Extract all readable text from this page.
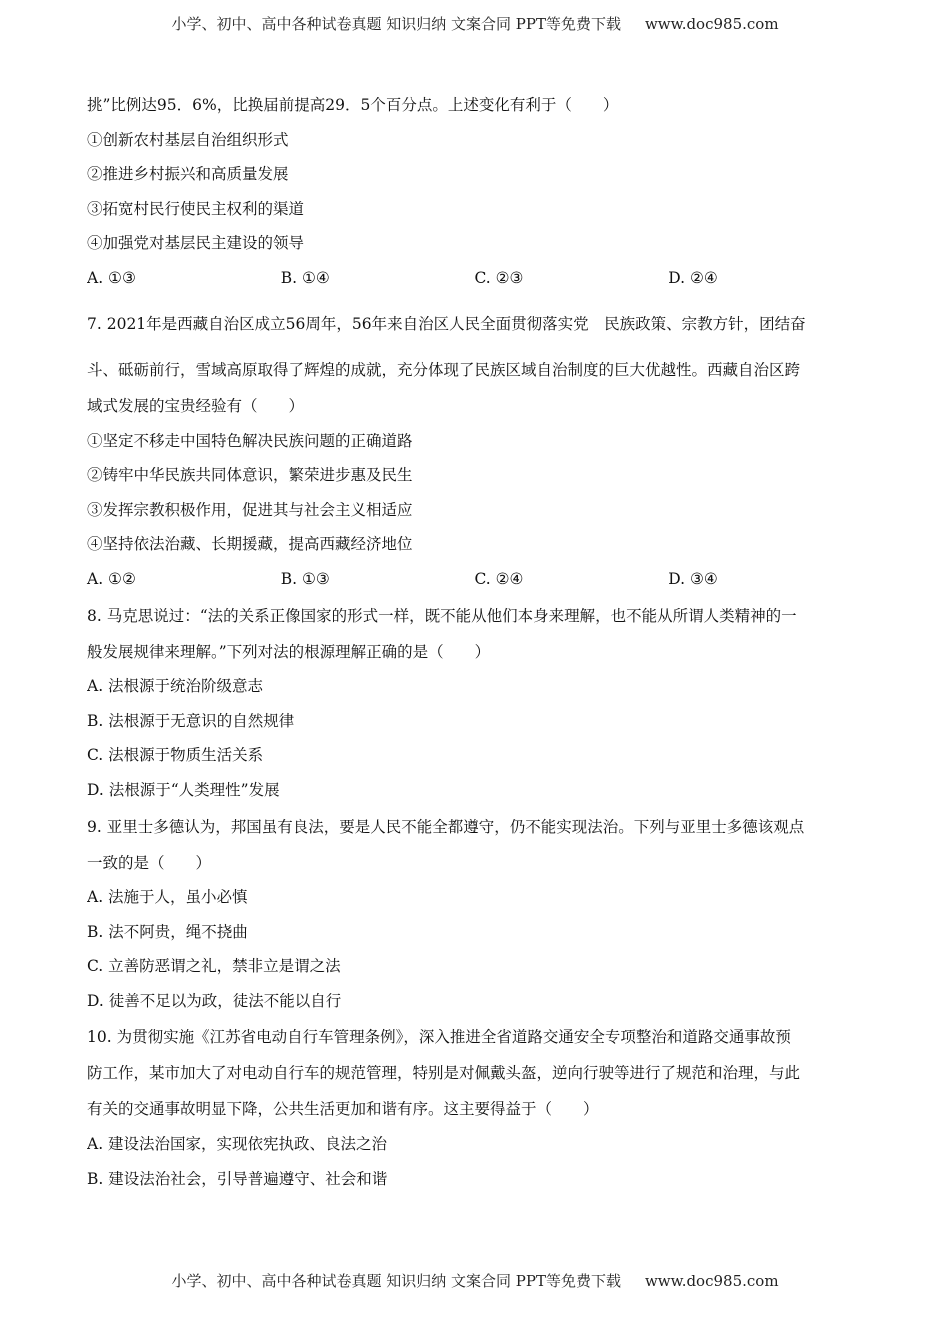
小学、初中、高中各种试卷真题 知识归纳 文案合同 PPT等免费下载 www.doc985.com
挑”比例达95．6%，比换届前提高29．5个百分点。上述变化有利于（　　）
①创新农村基层自治组织形式
②推进乡村振兴和高质量发展
③拓宽村民行使民主权利的渠道
④加强党对基层民主建设的领导
A. ①③	B. ①④	C. ②③	D. ②④
7. 2021年是西藏自治区成立56周年，56年来自治区人民全面贯彻落实党　民族政策、宗教方针，团结奋
斗、砥砺前行，雪域高原取得了辉煌的成就，充分体现了民族区域自治制度的巨大优越性。西藏自治区跨
域式发展的宝贵经验有（　　）
①坚定不移走中国特色解决民族问题的正确道路
②铸牢中华民族共同体意识，繁荣进步惠及民生
③发挥宗教积极作用，促进其与社会主义相适应
④坚持依法治藏、长期援藏，提高西藏经济地位
A. ①②	B. ①③	C. ②④	D. ③④
8. 马克思说过：“法的关系正像国家的形式一样，既不能从他们本身来理解，也不能从所谓人类精神的一
般发展规律来理解。”下列对法的根源理解正确的是（　　）
A. 法根源于统治阶级意志
B. 法根源于无意识的自然规律
C. 法根源于物质生活关系
D. 法根源于“人类理性”发展
9. 亚里士多德认为，邦国虽有良法，要是人民不能全都遵守，仍不能实现法治。下列与亚里士多德该观点
一致的是（　　）
A. 法施于人，虽小必慎
B. 法不阿贵，绳不挠曲
C. 立善防恶谓之礼，禁非立是谓之法
D. 徒善不足以为政，徒法不能以自行
10. 为贯彻实施《江苏省电动自行车管理条例》，深入推进全省道路交通安全专项整治和道路交通事故预
防工作，某市加大了对电动自行车的规范管理，特别是对佩戴头盔，逆向行驶等进行了规范和治理，与此
有关的交通事故明显下降，公共生活更加和谐有序。这主要得益于（　　）
A. 建设法治国家，实现依宪执政、良法之治
B. 建设法治社会，引导普遍遵守、社会和谐
小学、初中、高中各种试卷真题 知识归纳 文案合同 PPT等免费下载 www.doc985.com
